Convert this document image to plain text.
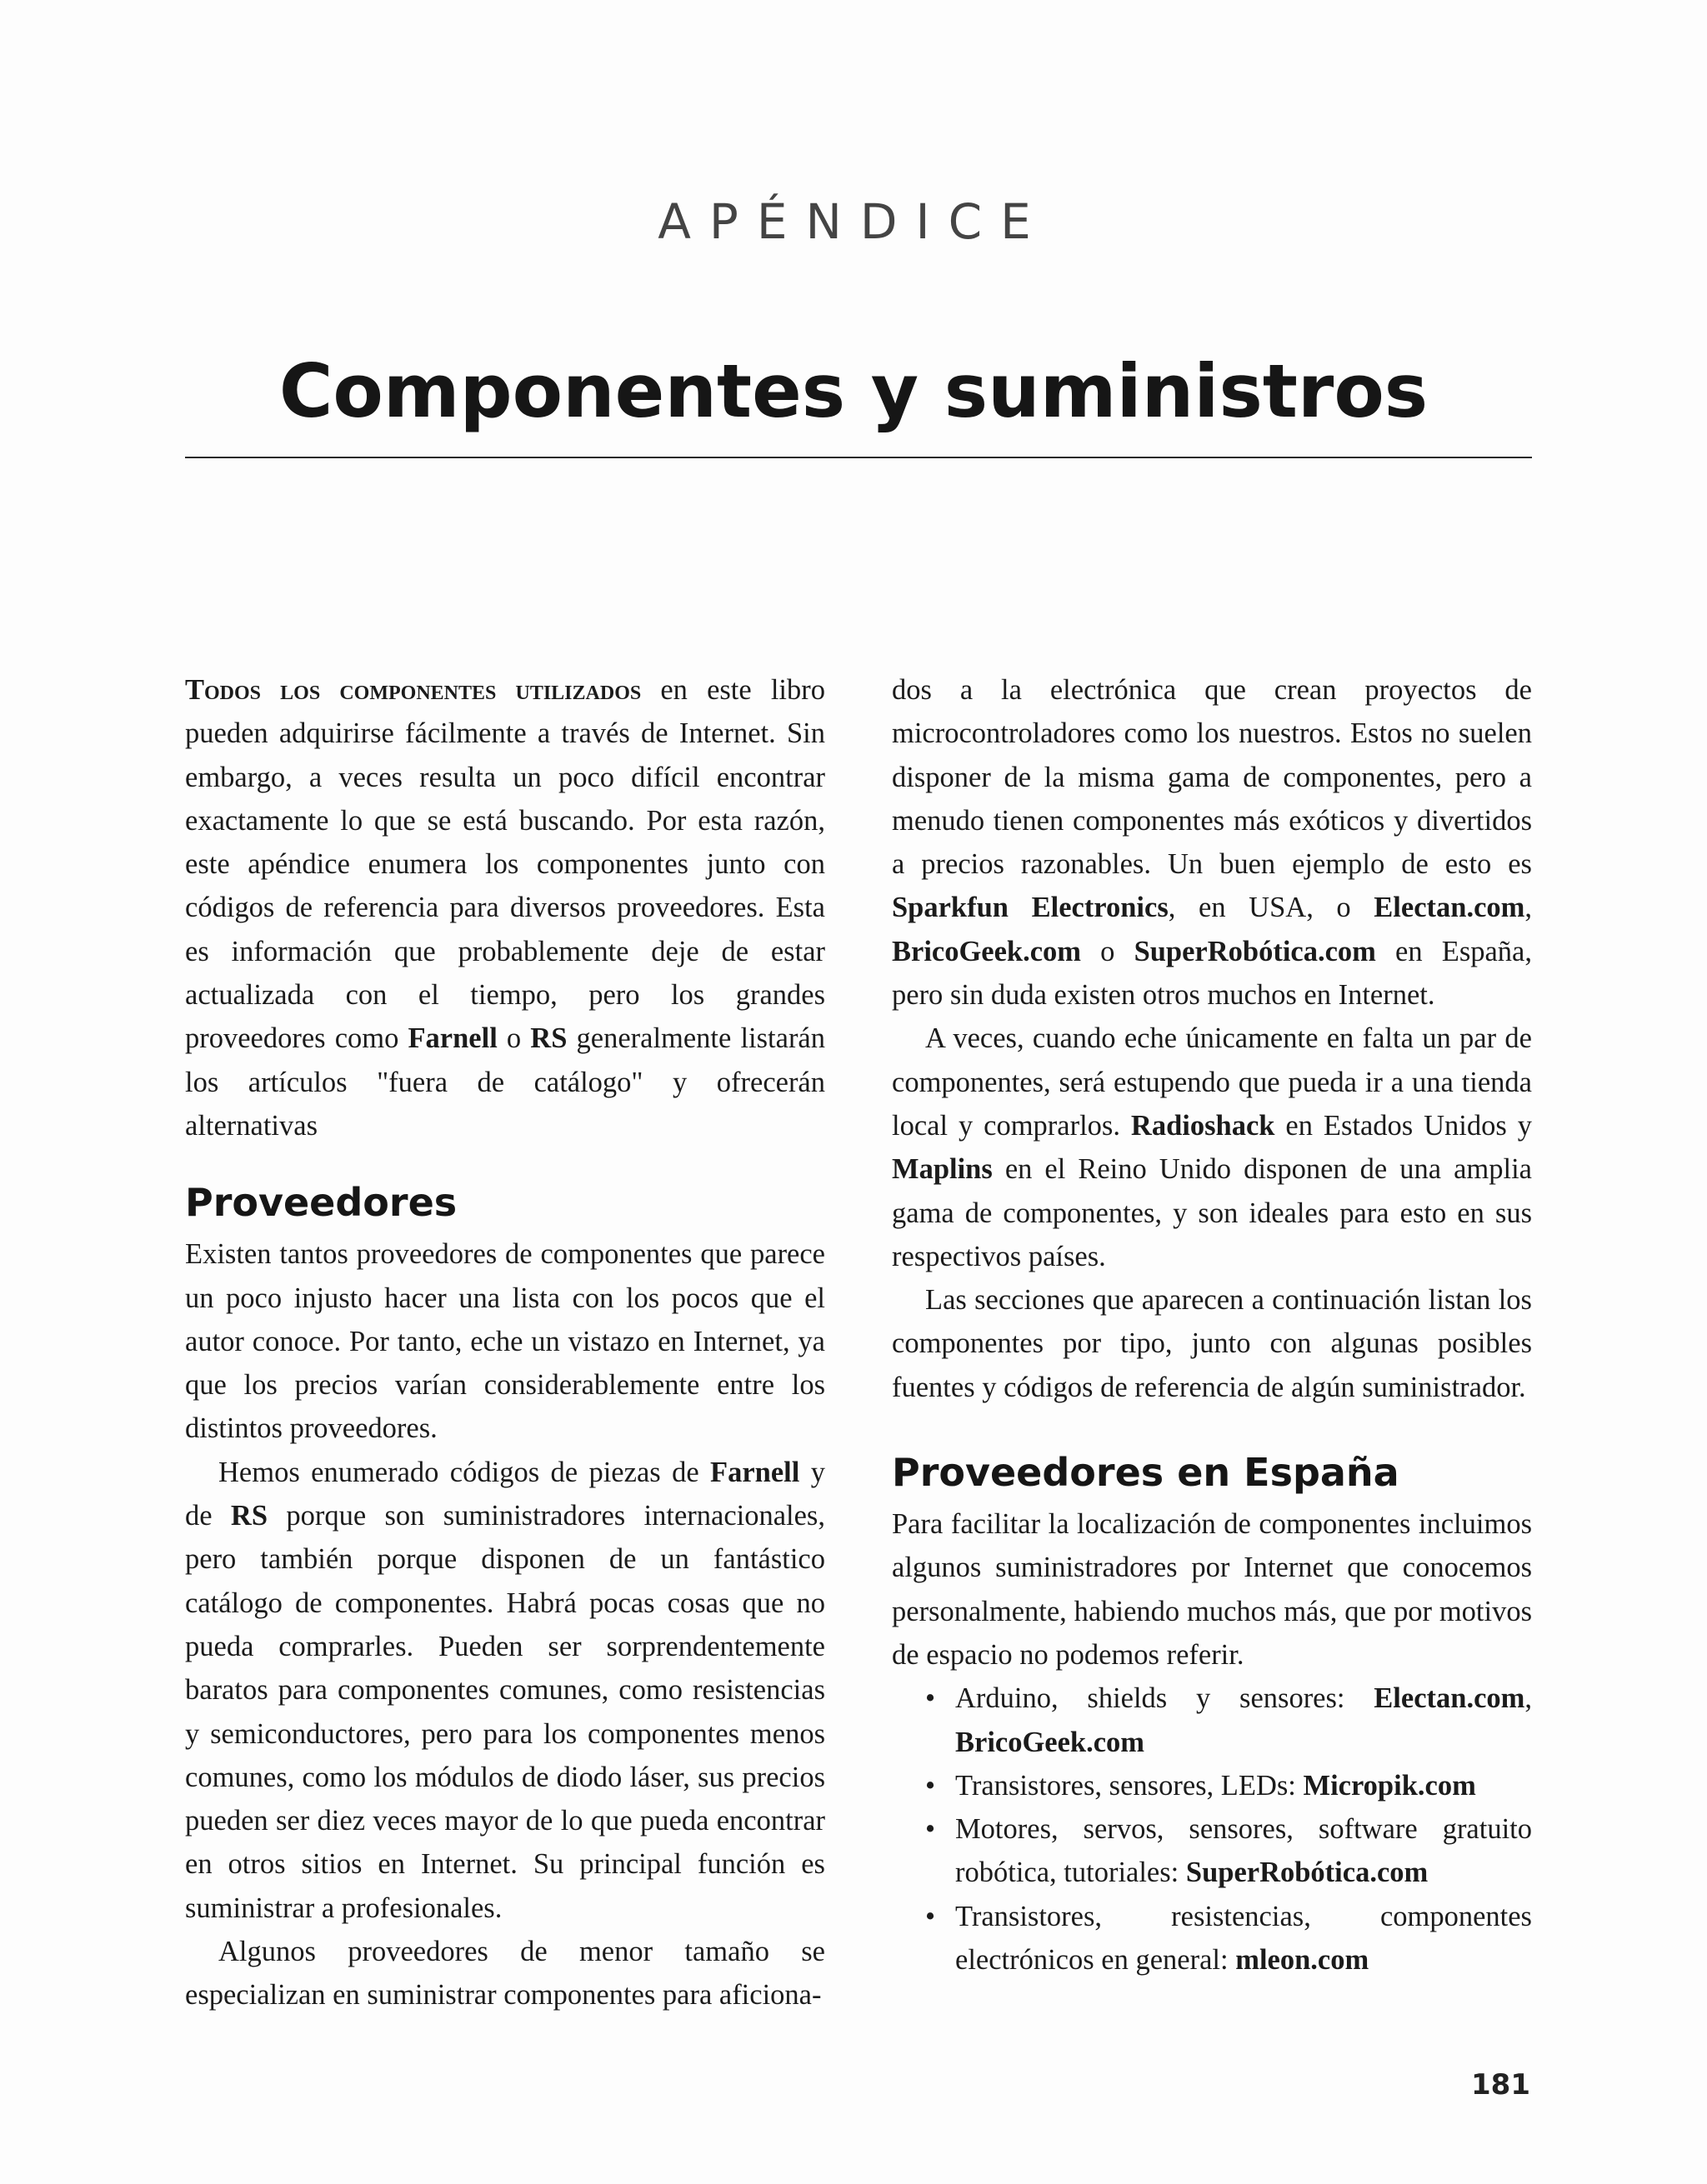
APÉNDICE
Componentes y suministros

Todos los componentes utilizados en este libro pueden adquirirse fácilmente a través de Internet. Sin embargo, a veces resulta un poco difícil encontrar exactamente lo que se está buscando. Por esta razón, este apéndice enumera los componentes junto con códigos de referencia para diversos proveedores. Esta es información que probablemente deje de estar actualizada con el tiempo, pero los grandes proveedores como Farnell o RS generalmente listarán los artículos "fuera de catálogo" y ofrecerán alternativas

Proveedores

Existen tantos proveedores de componentes que parece un poco injusto hacer una lista con los pocos que el autor conoce. Por tanto, eche un vistazo en Internet, ya que los precios varían considerablemente entre los distintos proveedores.

Hemos enumerado códigos de piezas de Farnell y de RS porque son suministradores internacionales, pero también porque disponen de un fantástico catálogo de componentes. Habrá pocas cosas que no pueda comprarles. Pueden ser sorprendentemente baratos para componentes comunes, como resistencias y semiconductores, pero para los componentes menos comunes, como los módulos de diodo láser, sus precios pueden ser diez veces mayor de lo que pueda encontrar en otros sitios en Internet. Su principal función es suministrar a profesionales.

Algunos proveedores de menor tamaño se especializan en suministrar componentes para aficiona-

dos a la electrónica que crean proyectos de microcontroladores como los nuestros. Estos no suelen disponer de la misma gama de componentes, pero a menudo tienen componentes más exóticos y divertidos a precios razonables. Un buen ejemplo de esto es Sparkfun Electronics, en USA, o Electan.com, BricoGeek.com o SuperRobótica.com en España, pero sin duda existen otros muchos en Internet.

A veces, cuando eche únicamente en falta un par de componentes, será estupendo que pueda ir a una tienda local y comprarlos. Radioshack en Estados Unidos y Maplins en el Reino Unido disponen de una amplia gama de componentes, y son ideales para esto en sus respectivos países.

Las secciones que aparecen a continuación listan los componentes por tipo, junto con algunas posibles fuentes y códigos de referencia de algún suministrador.

Proveedores en España

Para facilitar la localización de componentes incluimos algunos suministradores por Internet que conocemos personalmente, habiendo muchos más, que por motivos de espacio no podemos referir.

• Arduino, shields y sensores: Electan.com, BricoGeek.com
• Transistores, sensores, LEDs: Micropik.com
• Motores, servos, sensores, software gratuito robótica, tutoriales: SuperRobótica.com
• Transistores, resistencias, componentes electrónicos en general: mleon.com
181
